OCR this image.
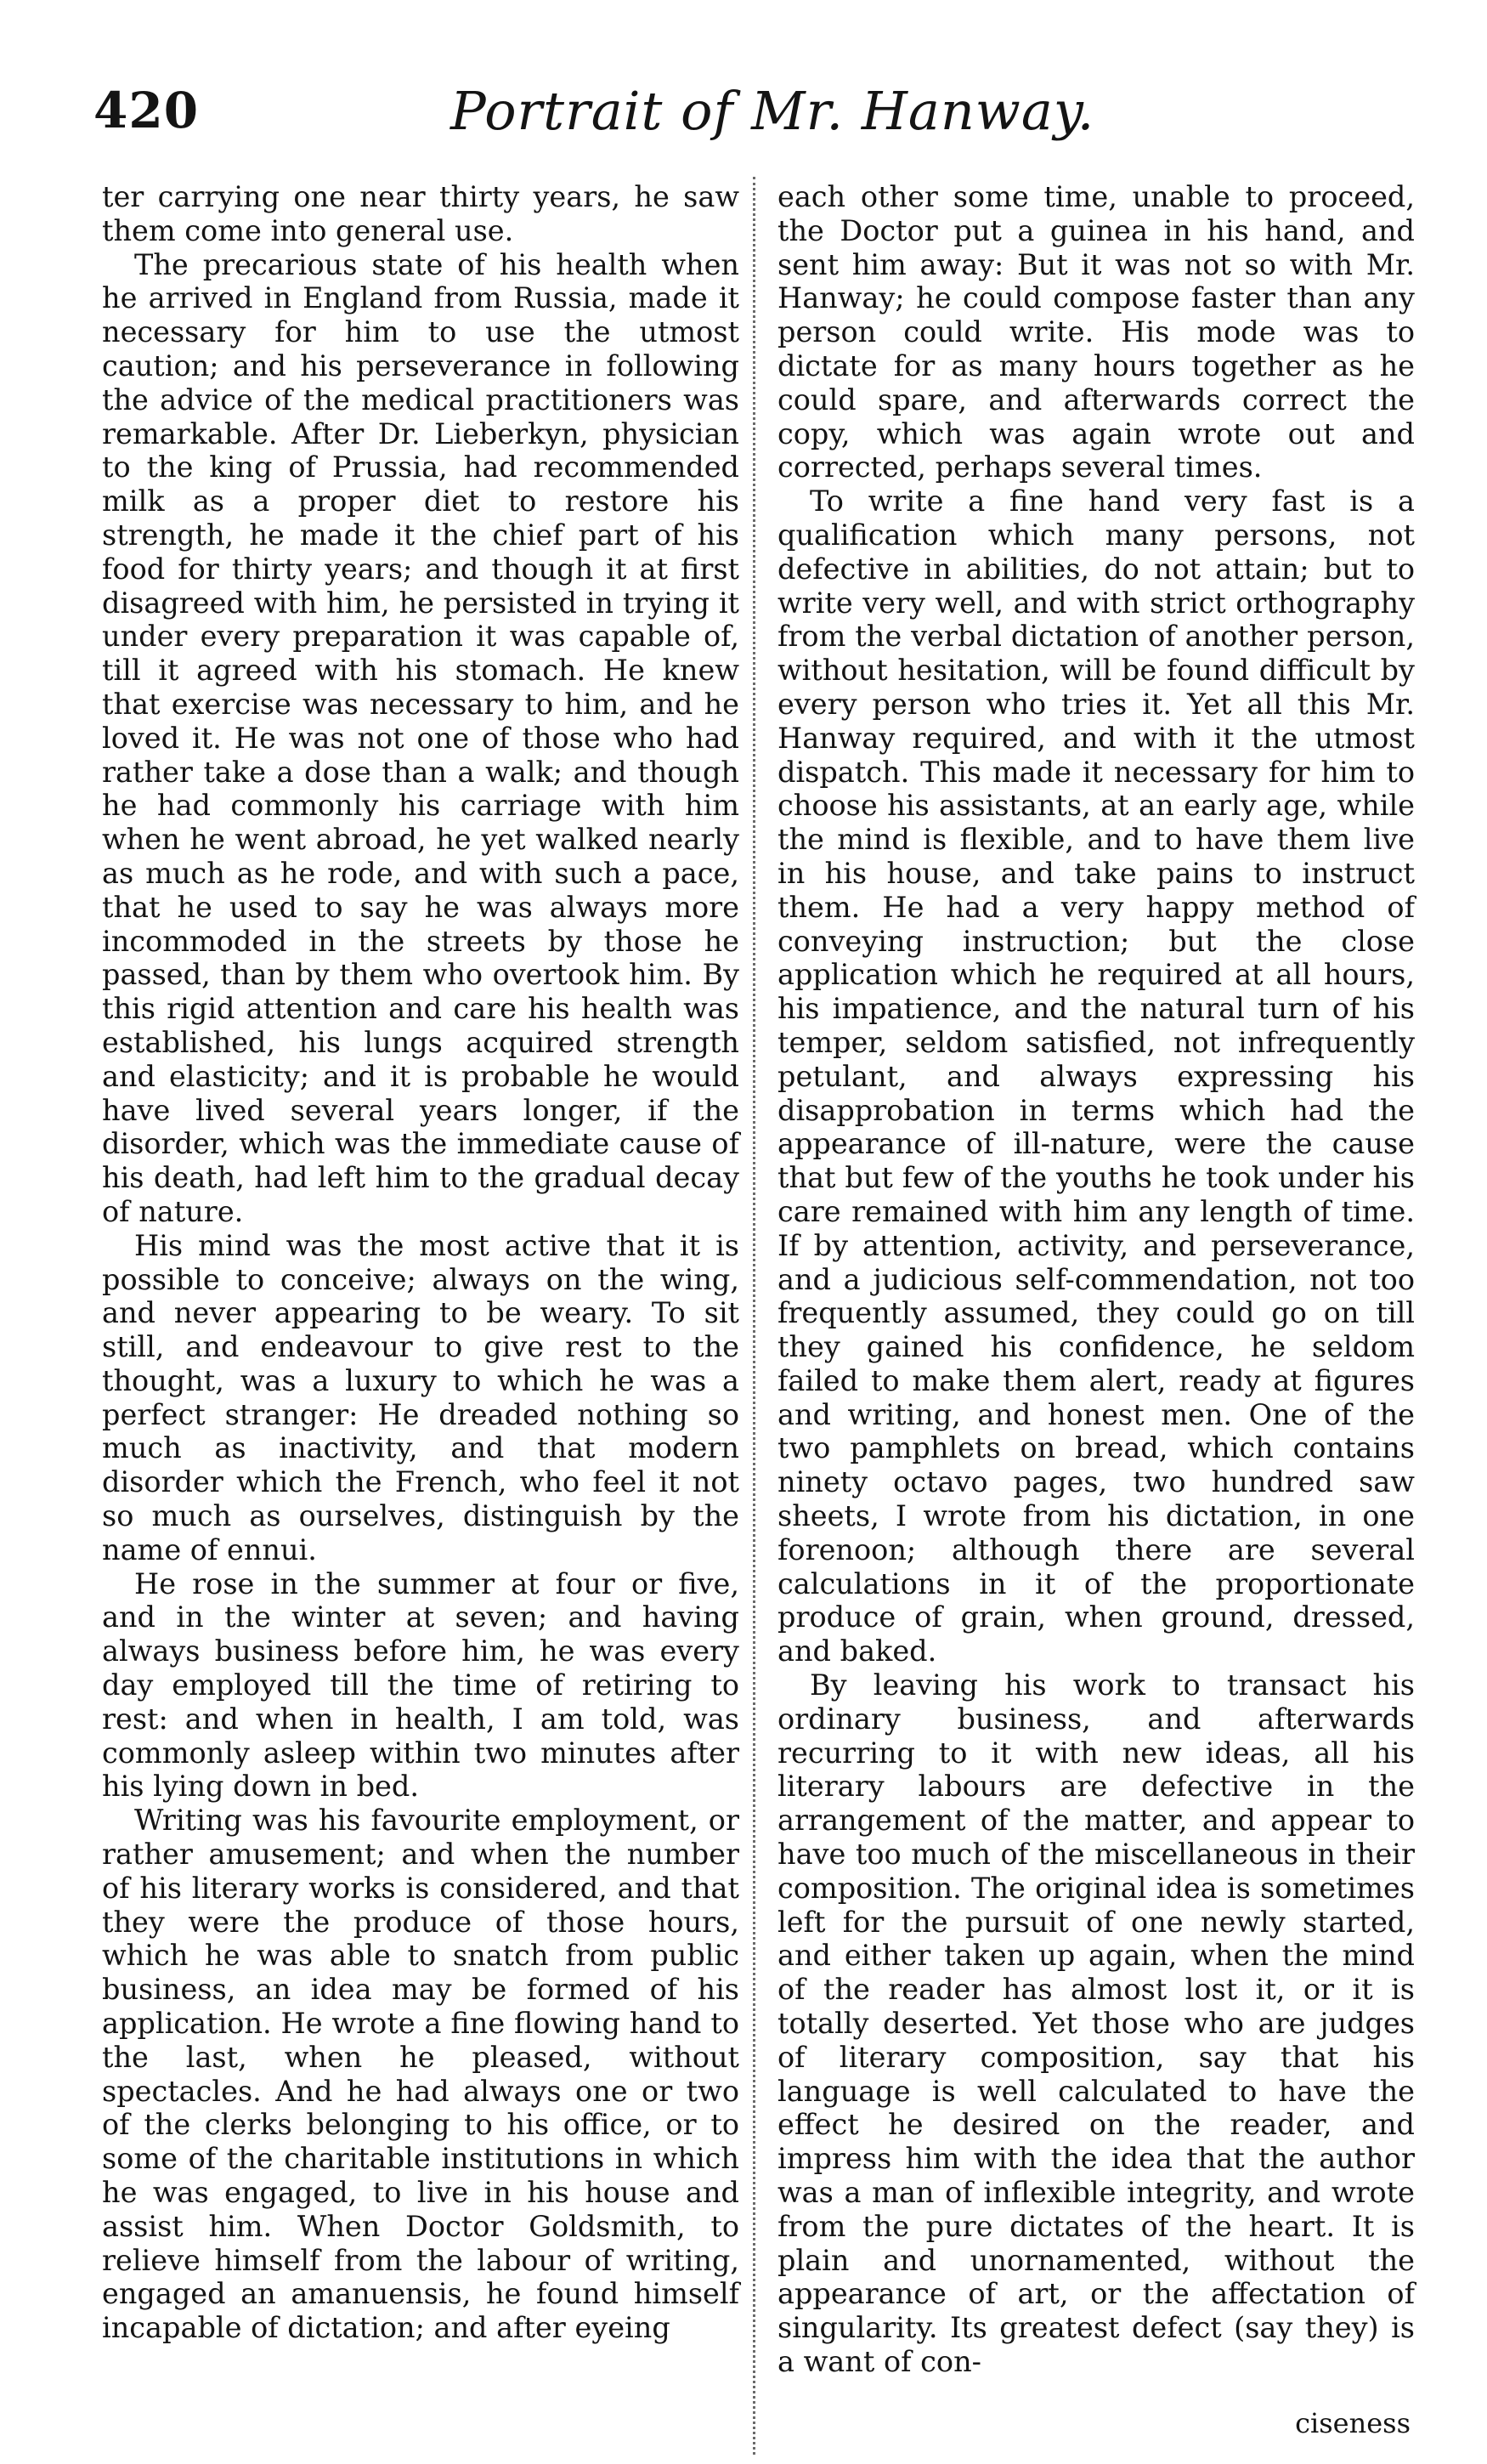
420	Portrait of Mr. Hanway.

ter carrying one near thirty years, he saw them come into general use.

The precarious state of his health when he arrived in England from Russia, made it necessary for him to use the utmost caution; and his perseverance in following the advice of the medical practitioners was remarkable. After Dr. Lieberkyn, physician to the king of Prussia, had recommended milk as a proper diet to restore his strength, he made it the chief part of his food for thirty years; and though it at first disagreed with him, he persisted in trying it under every preparation it was capable of, till it agreed with his stomach. He knew that exercise was necessary to him, and he loved it. He was not one of those who had rather take a dose than a walk; and though he had commonly his carriage with him when he went abroad, he yet walked nearly as much as he rode, and with such a pace, that he used to say he was always more incommoded in the streets by those he passed, than by them who overtook him. By this rigid attention and care his health was established, his lungs acquired strength and elasticity; and it is probable he would have lived several years longer, if the disorder, which was the immediate cause of his death, had left him to the gradual decay of nature.

His mind was the most active that it is possible to conceive; always on the wing, and never appearing to be weary. To sit still, and endeavour to give rest to the thought, was a luxury to which he was a perfect stranger: He dreaded nothing so much as inactivity, and that modern disorder which the French, who feel it not so much as ourselves, distinguish by the name of ennui.

He rose in the summer at four or five, and in the winter at seven; and having always business before him, he was every day employed till the time of retiring to rest: and when in health, I am told, was commonly asleep within two minutes after his lying down in bed.

Writing was his favourite employment, or rather amusement; and when the number of his literary works is considered, and that they were the produce of those hours, which he was able to snatch from public business, an idea may be formed of his application. He wrote a fine flowing hand to the last, when he pleased, without spectacles. And he had always one or two of the clerks belonging to his office, or to some of the charitable institutions in which he was engaged, to live in his house and assist him. When Doctor Goldsmith, to relieve himself from the labour of writing, engaged an amanuensis, he found himself incapable of dictation; and after eyeing

each other some time, unable to proceed, the Doctor put a guinea in his hand, and sent him away: But it was not so with Mr. Hanway; he could compose faster than any person could write. His mode was to dictate for as many hours together as he could spare, and afterwards correct the copy, which was again wrote out and corrected, perhaps several times.

To write a fine hand very fast is a qualification which many persons, not defective in abilities, do not attain; but to write very well, and with strict orthography from the verbal dictation of another person, without hesitation, will be found difficult by every person who tries it. Yet all this Mr. Hanway required, and with it the utmost dispatch. This made it necessary for him to choose his assistants, at an early age, while the mind is flexible, and to have them live in his house, and take pains to instruct them. He had a very happy method of conveying instruction; but the close application which he required at all hours, his impatience, and the natural turn of his temper, seldom satisfied, not infrequently petulant, and always expressing his disapprobation in terms which had the appearance of ill-nature, were the cause that but few of the youths he took under his care remained with him any length of time. If by attention, activity, and perseverance, and a judicious self-commendation, not too frequently assumed, they could go on till they gained his confidence, he seldom failed to make them alert, ready at figures and writing, and honest men. One of the two pamphlets on bread, which contains ninety octavo pages, two hundred saw sheets, I wrote from his dictation, in one forenoon; although there are several calculations in it of the proportionate produce of grain, when ground, dressed, and baked.

By leaving his work to transact his ordinary business, and afterwards recurring to it with new ideas, all his literary labours are defective in the arrangement of the matter, and appear to have too much of the miscellaneous in their composition. The original idea is sometimes left for the pursuit of one newly started, and either taken up again, when the mind of the reader has almost lost it, or it is totally deserted. Yet those who are judges of literary composition, say that his language is well calculated to have the effect he desired on the reader, and impress him with the idea that the author was a man of inflexible integrity, and wrote from the pure dictates of the heart. It is plain and unornamented, without the appearance of art, or the affectation of singularity. Its greatest defect (say they) is a want of con-

ciseness
